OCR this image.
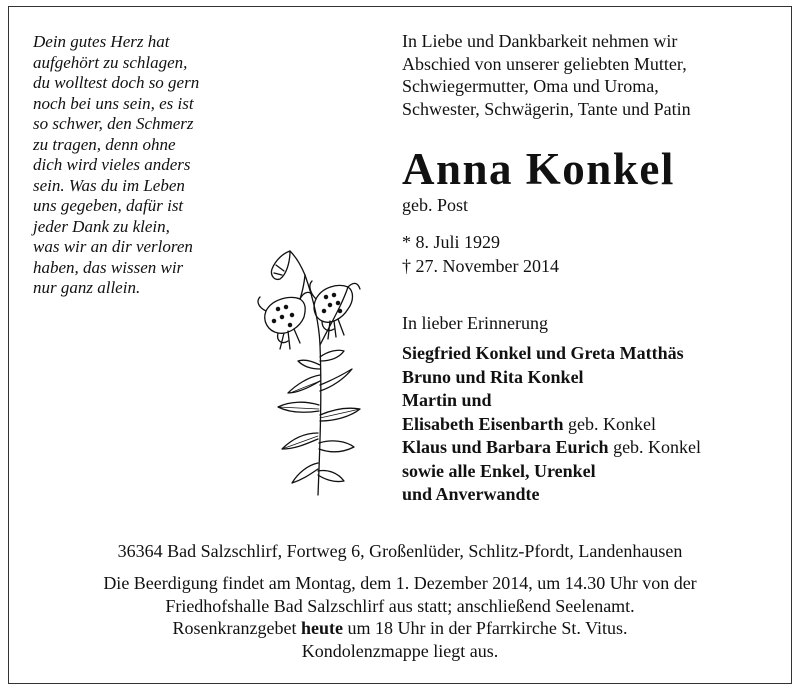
Dein gutes Herz hat
aufgehört zu schlagen,
du wolltest doch so gern
noch bei uns sein, es ist
so schwer, den Schmerz
zu tragen, denn ohne
dich wird vieles anders
sein. Was du im Leben
uns gegeben, dafür ist
jeder Dank zu klein,
was wir an dir verloren
haben, das wissen wir
nur ganz allein.
In Liebe und Dankbarkeit nehmen wir
Abschied von unserer geliebten Mutter,
Schwiegermutter, Oma und Uroma,
Schwester, Schwägerin, Tante und Patin
Anna Konkel
geb. Post
* 8. Juli 1929
† 27. November 2014
In lieber Erinnerung
Siegfried Konkel und Greta Matthäs
Bruno und Rita Konkel
Martin und
Elisabeth Eisenbarth geb. Konkel
Klaus und Barbara Eurich geb. Konkel
sowie alle Enkel, Urenkel
und Anverwandte
36364 Bad Salzschlirf, Fortweg 6, Großenlüder, Schlitz-Pfordt, Landenhausen
Die Beerdigung findet am Montag, dem 1. Dezember 2014, um 14.30 Uhr von der
Friedhofshalle Bad Salzschlirf aus statt; anschließend Seelenamt.
Rosenkranzgebet heute um 18 Uhr in der Pfarrkirche St. Vitus.
Kondolenzmappe liegt aus.
